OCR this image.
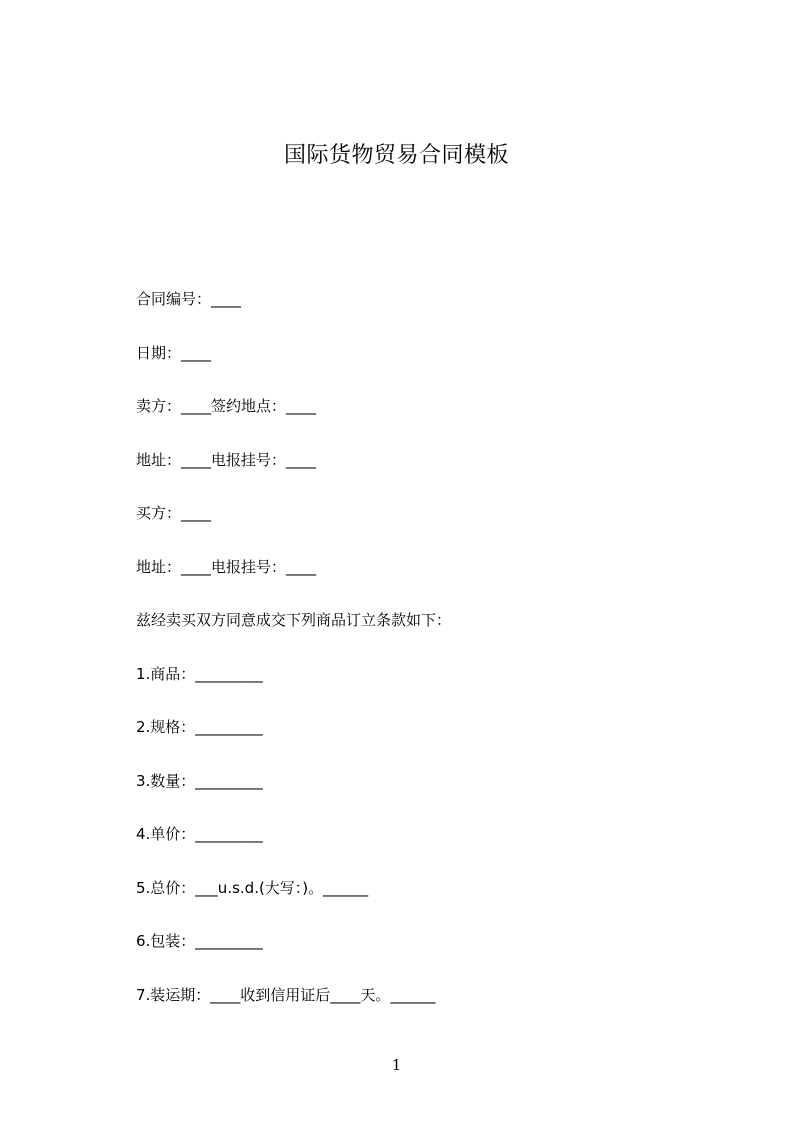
国际货物贸易合同模板
合同编号：____
日期：____
卖方：____签约地点：____
地址：____电报挂号：____
买方：____
地址：____电报挂号：____
兹经卖买双方同意成交下列商品订立条款如下：
1.商品：_________
2.规格：_________
3.数量：_________
4.单价：_________
5.总价：___u.s.d.(大写：)。______
6.包装：_________
7.装运期：____收到信用证后____天。______
1
